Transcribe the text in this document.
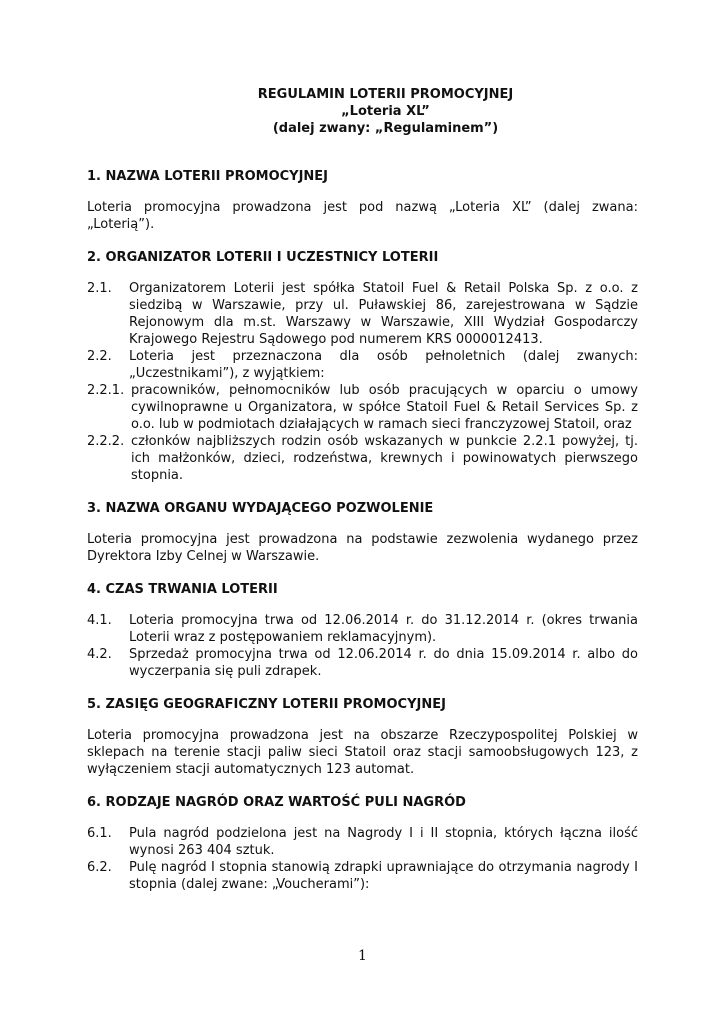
REGULAMIN LOTERII PROMOCYJNEJ
„Loteria XL”
(dalej zwany: „Regulaminem”)
1. NAZWA LOTERII PROMOCYJNEJ

Loteria promocyjna prowadzona jest pod nazwą „Loteria XL” (dalej zwana: „Loterią”).

2. ORGANIZATOR LOTERII I UCZESTNICY LOTERII
2.1.	Organizatorem Loterii jest spółka Statoil Fuel & Retail Polska Sp. z o.o. z siedzibą w Warszawie, przy ul. Puławskiej 86, zarejestrowana w Sądzie Rejonowym dla m.st. Warszawy w Warszawie, XIII Wydział Gospodarczy Krajowego Rejestru Sądowego pod numerem KRS 0000012413.
2.2.	Loteria jest przeznaczona dla osób pełnoletnich (dalej zwanych: „Uczestnikami”), z wyjątkiem:
2.2.1. pracowników, pełnomocników lub osób pracujących w oparciu o umowy cywilnoprawne u Organizatora, w spółce Statoil Fuel & Retail Services Sp. z o.o. lub w podmiotach działających w ramach sieci franczyzowej Statoil, oraz
2.2.2. członków najbliższych rodzin osób wskazanych w punkcie 2.2.1 powyżej, tj. ich małżonków, dzieci, rodzeństwa, krewnych i powinowatych pierwszego stopnia.
3. NAZWA ORGANU WYDAJĄCEGO POZWOLENIE

Loteria promocyjna jest prowadzona na podstawie zezwolenia wydanego przez Dyrektora Izby Celnej w Warszawie.

4. CZAS TRWANIA LOTERII
4.1.	Loteria promocyjna trwa od 12.06.2014 r. do 31.12.2014 r. (okres trwania Loterii wraz z postępowaniem reklamacyjnym).
4.2.	Sprzedaż promocyjna trwa od 12.06.2014 r. do dnia 15.09.2014 r. albo do wyczerpania się puli zdrapek.
5. ZASIĘG GEOGRAFICZNY LOTERII PROMOCYJNEJ

Loteria promocyjna prowadzona jest na obszarze Rzeczypospolitej Polskiej w sklepach na terenie stacji paliw sieci Statoil oraz stacji samoobsługowych 123, z wyłączeniem stacji automatycznych 123 automat.

6. RODZAJE NAGRÓD ORAZ WARTOŚĆ PULI NAGRÓD
6.1.	Pula nagród podzielona jest na Nagrody I i II stopnia, których łączna ilość wynosi 263 404 sztuk.
6.2.	Pulę nagród I stopnia stanowią zdrapki uprawniające do otrzymania nagrody I stopnia (dalej zwane: „Voucherami”):
1
